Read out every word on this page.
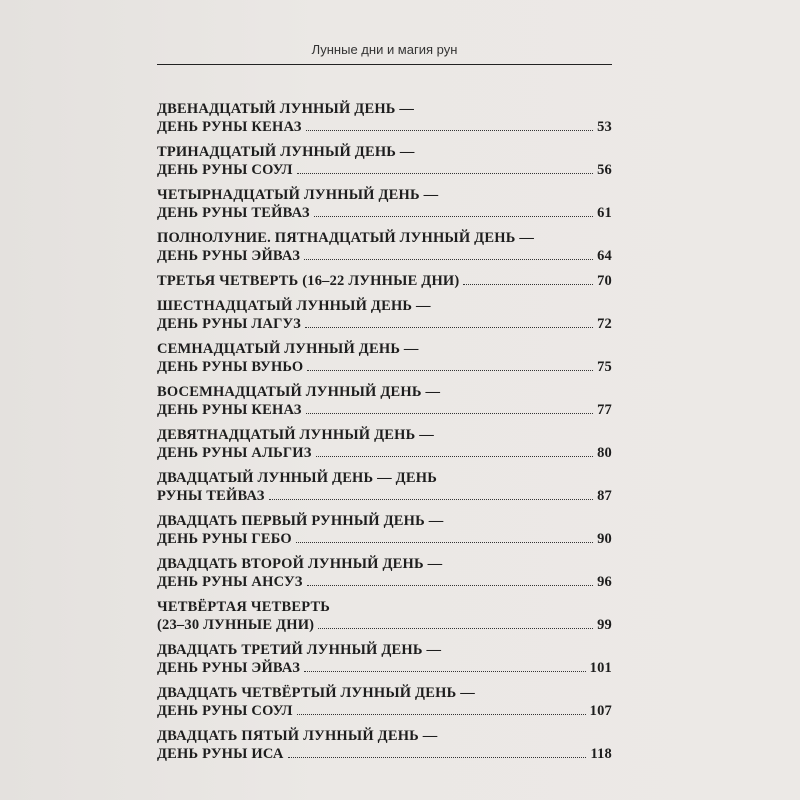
Лунные дни и магия рун
ДВЕНАДЦАТЫЙ ЛУННЫЙ ДЕНЬ —
ДЕНЬ РУНЫ КЕНАЗ	53
ТРИНАДЦАТЫЙ ЛУННЫЙ ДЕНЬ —
ДЕНЬ РУНЫ СОУЛ	56
ЧЕТЫРНАДЦАТЫЙ ЛУННЫЙ ДЕНЬ —
ДЕНЬ РУНЫ ТЕЙВАЗ	61
ПОЛНОЛУНИЕ. ПЯТНАДЦАТЫЙ ЛУННЫЙ ДЕНЬ —
ДЕНЬ РУНЫ ЭЙВАЗ	64
ТРЕТЬЯ ЧЕТВЕРТЬ (16–22 ЛУННЫЕ ДНИ)	70
ШЕСТНАДЦАТЫЙ ЛУННЫЙ ДЕНЬ —
ДЕНЬ РУНЫ ЛАГУЗ	72
СЕМНАДЦАТЫЙ ЛУННЫЙ ДЕНЬ —
ДЕНЬ РУНЫ ВУНЬО	75
ВОСЕМНАДЦАТЫЙ ЛУННЫЙ ДЕНЬ —
ДЕНЬ РУНЫ КЕНАЗ	77
ДЕВЯТНАДЦАТЫЙ ЛУННЫЙ ДЕНЬ —
ДЕНЬ РУНЫ АЛЬГИЗ	80
ДВАДЦАТЫЙ ЛУННЫЙ ДЕНЬ — ДЕНЬ
РУНЫ ТЕЙВАЗ	87
ДВАДЦАТЬ ПЕРВЫЙ РУННЫЙ ДЕНЬ —
ДЕНЬ РУНЫ ГЕБО	90
ДВАДЦАТЬ ВТОРОЙ ЛУННЫЙ ДЕНЬ —
ДЕНЬ РУНЫ АНСУЗ	96
ЧЕТВЁРТАЯ ЧЕТВЕРТЬ
(23–30 ЛУННЫЕ ДНИ)	99
ДВАДЦАТЬ ТРЕТИЙ ЛУННЫЙ ДЕНЬ —
ДЕНЬ РУНЫ ЭЙВАЗ	101
ДВАДЦАТЬ ЧЕТВЁРТЫЙ ЛУННЫЙ ДЕНЬ —
ДЕНЬ РУНЫ СОУЛ	107
ДВАДЦАТЬ ПЯТЫЙ ЛУННЫЙ ДЕНЬ —
ДЕНЬ РУНЫ ИСА	118
